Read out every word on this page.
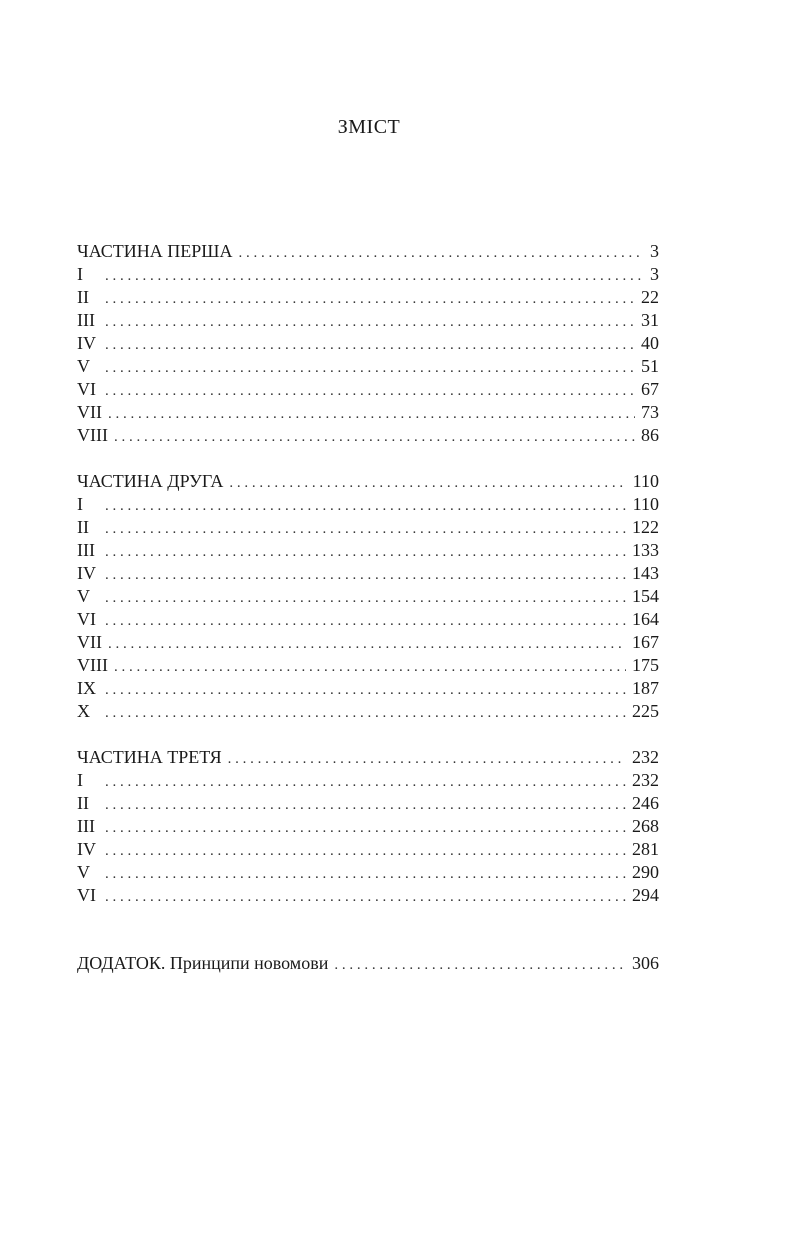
ЗМІСТ
ЧАСТИНА ПЕРША . . .	3
I . . .	3
II . . .	22
III . . .	31
IV . . .	40
V . . .	51
VI . . .	67
VII . . .	73
VIII . . .	86
ЧАСТИНА ДРУГА . . .	110
I . . .	110
II . . .	122
III . . .	133
IV . . .	143
V . . .	154
VI . . .	164
VII . . .	167
VIII . . .	175
IX . . .	187
X . . .	225
ЧАСТИНА ТРЕТЯ . . .	232
I . . .	232
II . . .	246
III . . .	268
IV . . .	281
V . . .	290
VI . . .	294
ДОДАТОК. Принципи новомови . . .	306
